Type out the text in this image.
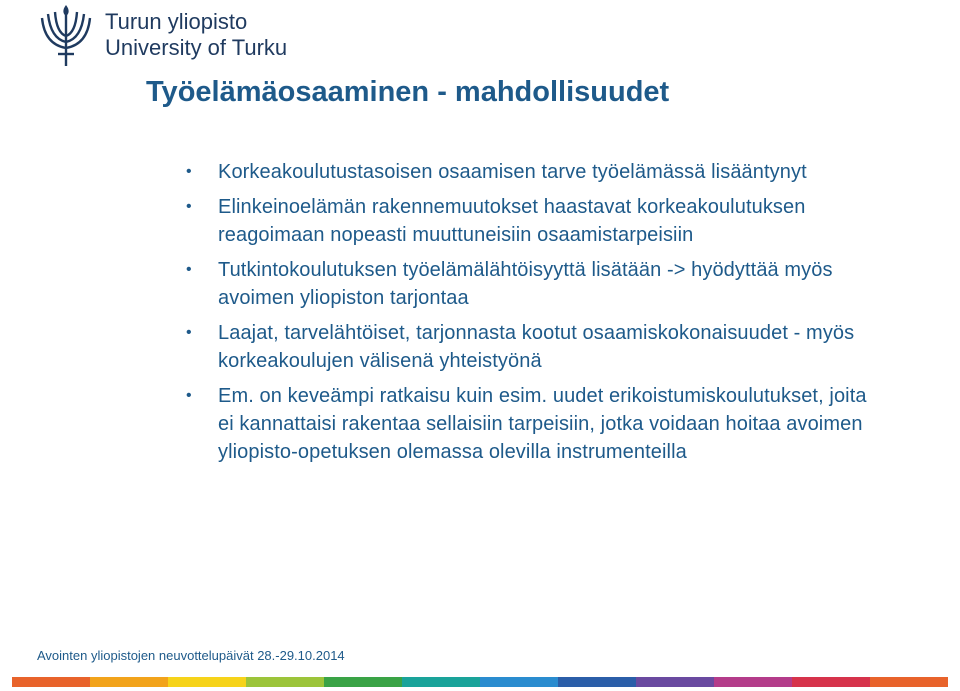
Turun yliopisto
University of Turku
Työelämäosaaminen - mahdollisuudet
• Korkeakoulutustasoisen osaamisen tarve työelämässä lisääntynyt
• Elinkeinoelämän rakennemuutokset haastavat korkeakoulutuksen reagoimaan nopeasti muuttuneisiin osaamistarpeisiin
• Tutkintokoulutuksen työelämälähtöisyyttä lisätään -> hyödyttää myös avoimen yliopiston tarjontaa
• Laajat, tarvelähtöiset, tarjonnasta kootut osaamiskokonaisuudet - myös korkeakoulujen välisenä yhteistyönä
• Em. on keveämpi ratkaisu kuin esim. uudet erikoistumiskoulutukset, joita ei kannattaisi rakentaa sellaisiin tarpeisiin, jotka voidaan hoitaa avoimen yliopisto-opetuksen olemassa olevilla instrumenteilla
Avointen yliopistojen neuvottelupäivät 28.-29.10.2014
